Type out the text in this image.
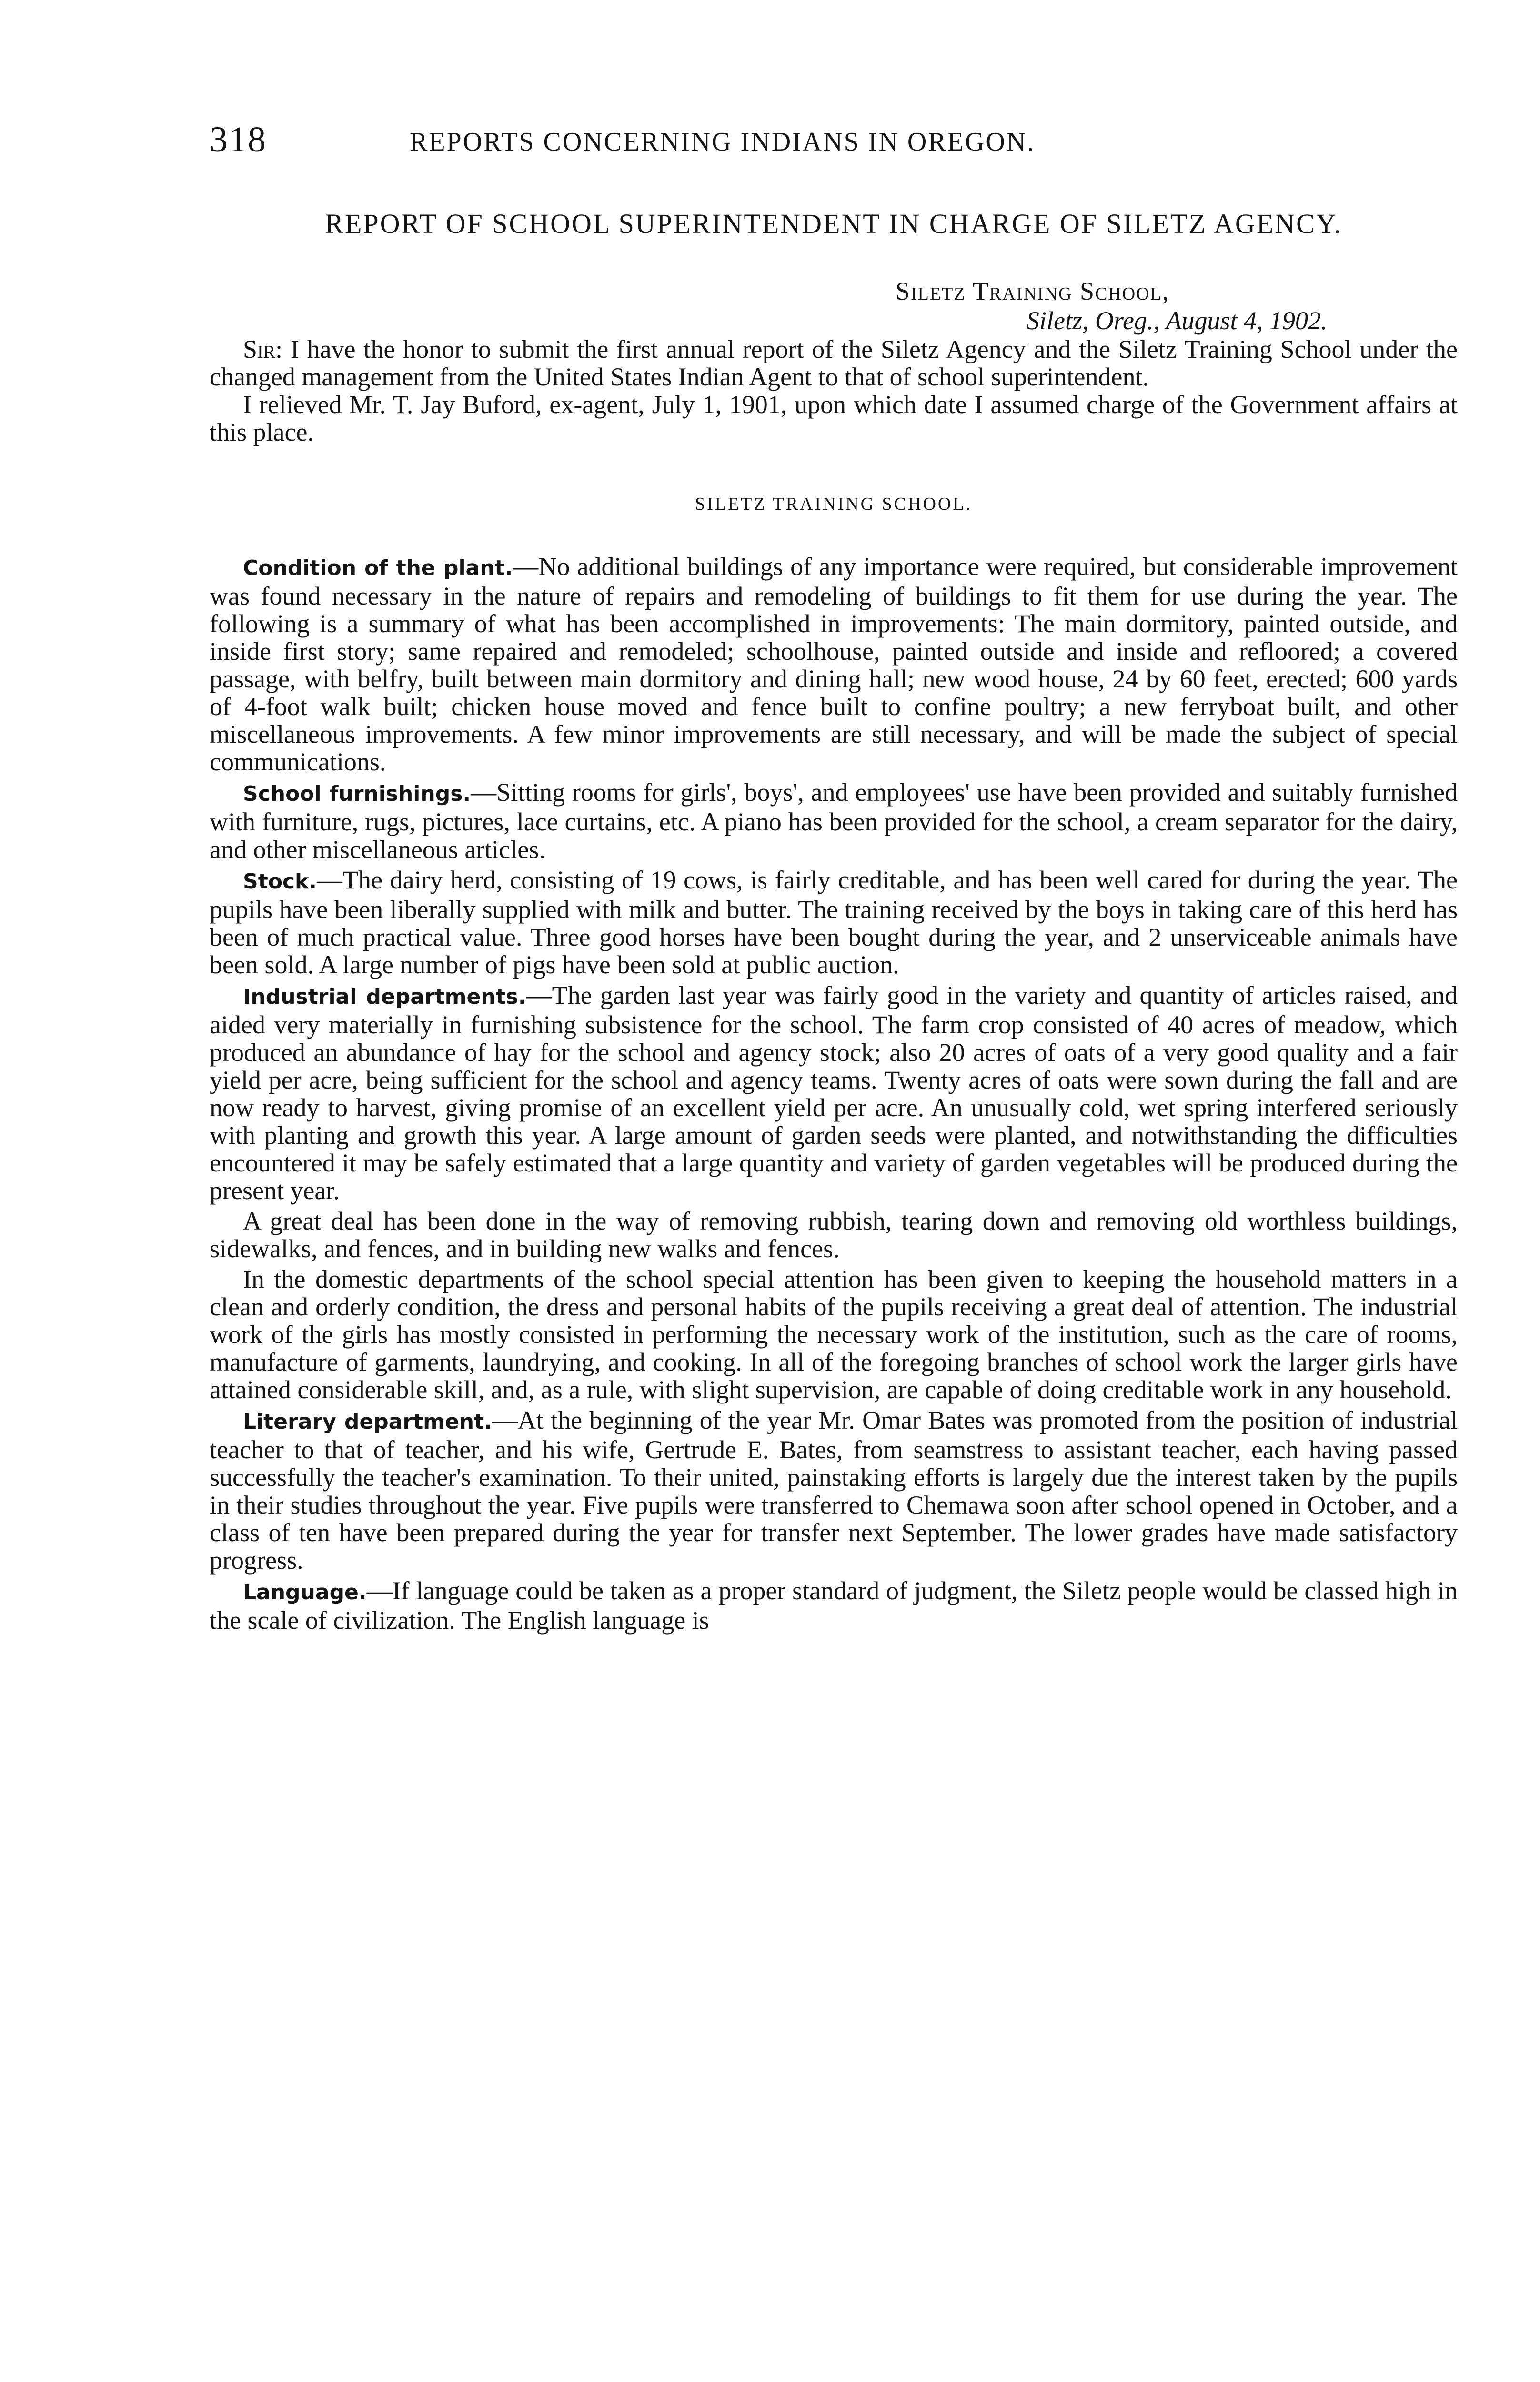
318	REPORTS CONCERNING INDIANS IN OREGON.
REPORT OF SCHOOL SUPERINTENDENT IN CHARGE OF SILETZ AGENCY.
Siletz Training School,
Siletz, Oreg., August 4, 1902.

Sir: I have the honor to submit the first annual report of the Siletz Agency and the Siletz Training School under the changed management from the United States Indian Agent to that of school superintendent.

I relieved Mr. T. Jay Buford, ex-agent, July 1, 1901, upon which date I assumed charge of the Government affairs at this place.

SILETZ TRAINING SCHOOL.

Condition of the plant.—No additional buildings of any importance were required, but considerable improvement was found necessary in the nature of repairs and remodeling of buildings to fit them for use during the year. The following is a summary of what has been accomplished in improvements: The main dormitory, painted outside, and inside first story; same repaired and remodeled; schoolhouse, painted outside and inside and refloored; a covered passage, with belfry, built between main dormitory and dining hall; new wood house, 24 by 60 feet, erected; 600 yards of 4-foot walk built; chicken house moved and fence built to confine poultry; a new ferryboat built, and other miscellaneous improvements. A few minor improvements are still necessary, and will be made the subject of special communications.

School furnishings.—Sitting rooms for girls', boys', and employees' use have been provided and suitably furnished with furniture, rugs, pictures, lace curtains, etc. A piano has been provided for the school, a cream separator for the dairy, and other miscellaneous articles.

Stock.—The dairy herd, consisting of 19 cows, is fairly creditable, and has been well cared for during the year. The pupils have been liberally supplied with milk and butter. The training received by the boys in taking care of this herd has been of much practical value. Three good horses have been bought during the year, and 2 unserviceable animals have been sold. A large number of pigs have been sold at public auction.

Industrial departments.—The garden last year was fairly good in the variety and quantity of articles raised, and aided very materially in furnishing subsistence for the school. The farm crop consisted of 40 acres of meadow, which produced an abundance of hay for the school and agency stock; also 20 acres of oats of a very good quality and a fair yield per acre, being sufficient for the school and agency teams. Twenty acres of oats were sown during the fall and are now ready to harvest, giving promise of an excellent yield per acre. An unusually cold, wet spring interfered seriously with planting and growth this year. A large amount of garden seeds were planted, and notwithstanding the difficulties encountered it may be safely estimated that a large quantity and variety of garden vegetables will be produced during the present year.

A great deal has been done in the way of removing rubbish, tearing down and removing old worthless buildings, sidewalks, and fences, and in building new walks and fences.

In the domestic departments of the school special attention has been given to keeping the household matters in a clean and orderly condition, the dress and personal habits of the pupils receiving a great deal of attention. The industrial work of the girls has mostly consisted in performing the necessary work of the institution, such as the care of rooms, manufacture of garments, laundrying, and cooking. In all of the foregoing branches of school work the larger girls have attained considerable skill, and, as a rule, with slight supervision, are capable of doing creditable work in any household.

Literary department.—At the beginning of the year Mr. Omar Bates was promoted from the position of industrial teacher to that of teacher, and his wife, Gertrude E. Bates, from seamstress to assistant teacher, each having passed successfully the teacher's examination. To their united, painstaking efforts is largely due the interest taken by the pupils in their studies throughout the year. Five pupils were transferred to Chemawa soon after school opened in October, and a class of ten have been prepared during the year for transfer next September. The lower grades have made satisfactory progress.

Language.—If language could be taken as a proper standard of judgment, the Siletz people would be classed high in the scale of civilization. The English language is
